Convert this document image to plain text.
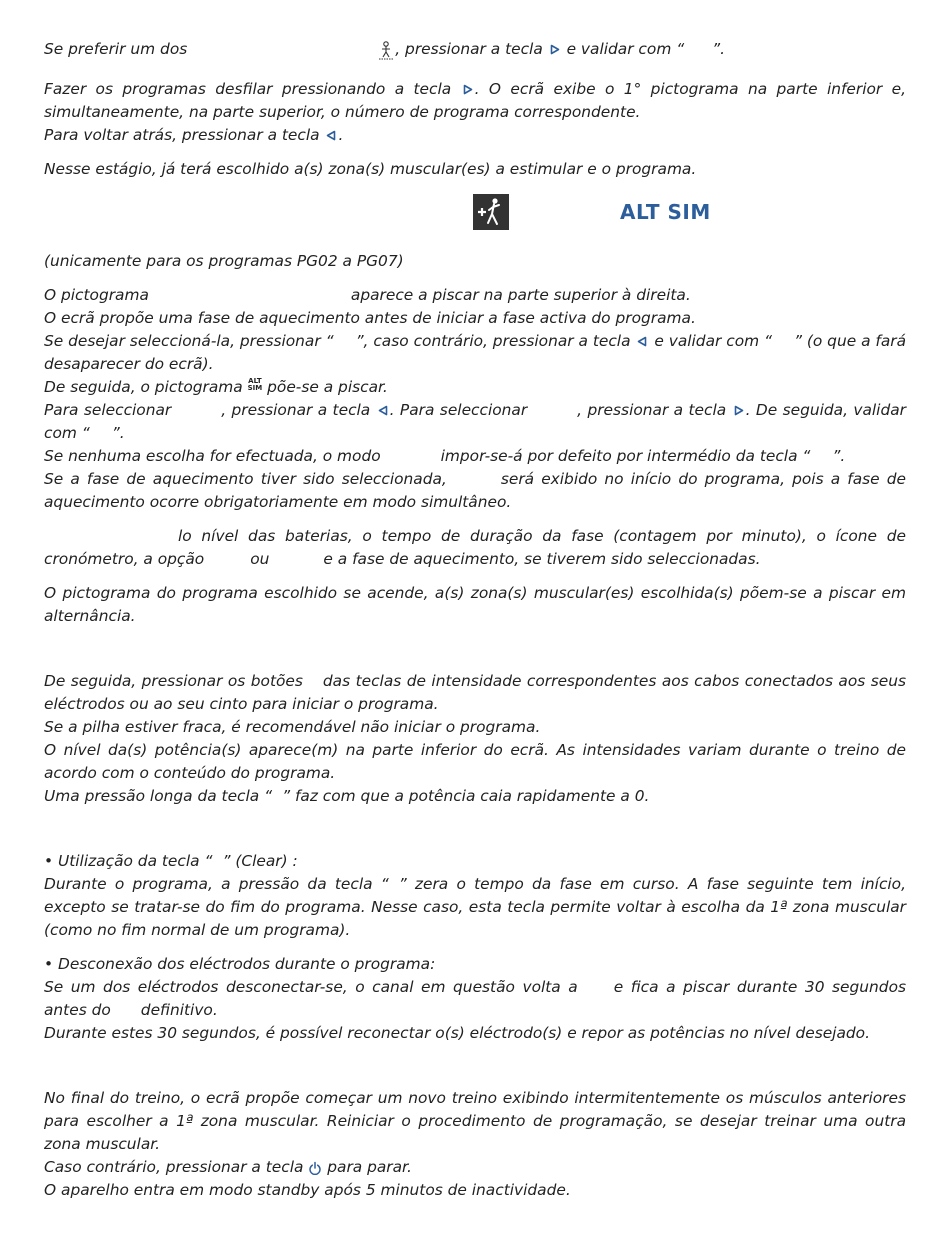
Se preferir um dos	, pressionar a tecla e validar com “ ”.

Fazer os programas desfilar pressionando a tecla . O ecrã exibe o 1° pictograma na parte inferior e, simultaneamente, na parte superior, o número de programa correspondente.

Para voltar atrás, pressionar a tecla .

Nesse estágio, já terá escolhido a(s) zona(s) muscular(es) a estimular e o programa.

ALT SIM

(unicamente para os programas PG02 a PG07)

O pictograma	aparece a piscar na parte superior à direita.

O ecrã propõe uma fase de aquecimento antes de iniciar a fase activa do programa.

Se desejar seleccioná-la, pressionar “ ”, caso contrário, pressionar a tecla e validar com “ ” (o que a fará desaparecer do ecrã).

De seguida, o pictograma ALT
SIM põe-se a piscar.

Para seleccionar	, pressionar a tecla . Para seleccionar	, pressionar a tecla . De seguida, validar com “ ”.

Se nenhuma escolha for efectuada, o modo	impor-se-á por defeito por intermédio da tecla “ ”.

Se a fase de aquecimento tiver sido seleccionada,	será exibido no início do programa, pois a fase de aquecimento ocorre obrigatoriamente em modo simultâneo.

lo nível das baterias, o tempo de duração da fase (contagem por minuto), o ícone de cronómetro, a opção	ou	e a fase de aquecimento, se tiverem sido seleccionadas.

O pictograma do programa escolhido se acende, a(s) zona(s) muscular(es) escolhida(s) põem-se a piscar em alternância.

De seguida, pressionar os botões das teclas de intensidade correspondentes aos cabos conectados aos seus eléctrodos ou ao seu cinto para iniciar o programa.

Se a pilha estiver fraca, é recomendável não iniciar o programa.

O nível da(s) potência(s) aparece(m) na parte inferior do ecrã. As intensidades variam durante o treino de acordo com o conteúdo do programa.

Uma pressão longa da tecla “ ” faz com que a potência caia rapidamente a 0.

• Utilização da tecla “ ” (Clear) :

Durante o programa, a pressão da tecla “ ” zera o tempo da fase em curso. A fase seguinte tem início, excepto se tratar-se do fim do programa. Nesse caso, esta tecla permite voltar à escolha da 1ª zona muscular (como no fim normal de um programa).

• Desconexão dos eléctrodos durante o programa:

Se um dos eléctrodos desconectar-se, o canal em questão volta a e fica a piscar durante 30 segundos antes do definitivo.

Durante estes 30 segundos, é possível reconectar o(s) eléctrodo(s) e repor as potências no nível desejado.

No final do treino, o ecrã propõe começar um novo treino exibindo intermitentemente os músculos anteriores para escolher a 1ª zona muscular. Reiniciar o procedimento de programação, se desejar treinar uma outra zona muscular.

Caso contrário, pressionar a tecla para parar.

O aparelho entra em modo standby após 5 minutos de inactividade.
